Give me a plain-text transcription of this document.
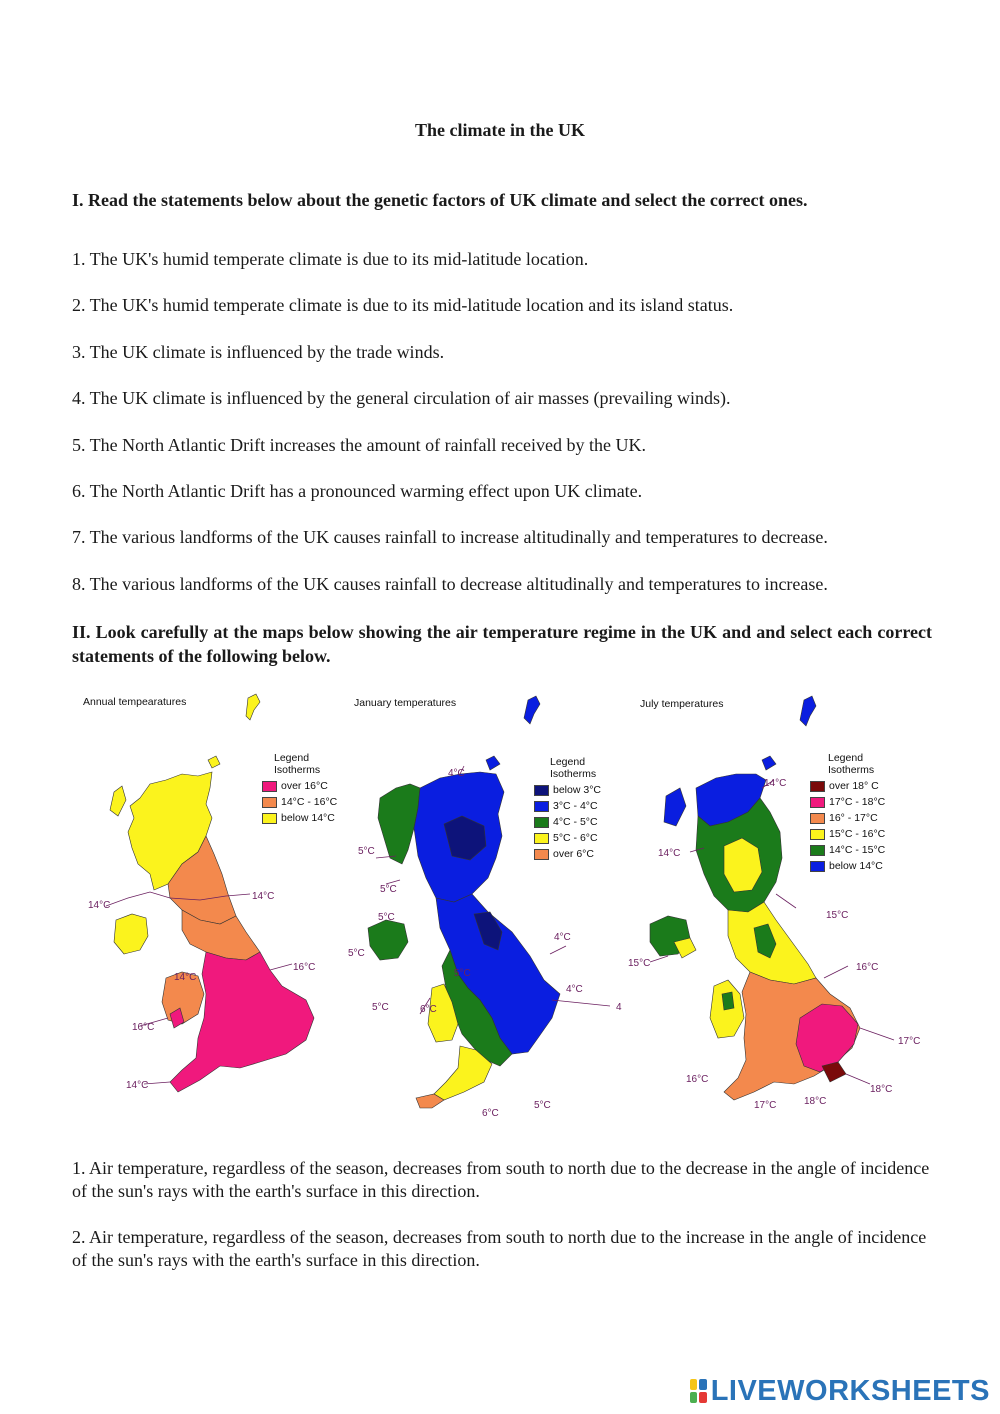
The climate in the UK
I. Read the statements below about the genetic factors of UK climate and select the correct ones.
1. The UK's humid temperate climate is due to its mid-latitude location.
2. The UK's humid temperate climate is due to its mid-latitude location and its island status.
3. The UK climate is influenced by the trade winds.
4. The UK climate is influenced by the general circulation of air masses (prevailing winds).
5. The North Atlantic Drift increases the amount of rainfall received by the UK.
6. The North Atlantic Drift has a pronounced warming effect upon UK climate.
7. The various landforms of the UK causes rainfall to increase altitudinally and temperatures to decrease.
8. The various landforms of the UK causes rainfall to decrease altitudinally and temperatures to increase.
II. Look carefully at the maps below showing the air temperature regime in the UK and and select each correct statements of the following below.
Annual tempearatures
14°C
14°C
16°C
14°C
16°C
14°C
Legend
Isotherms
over 16°C
14°C - 16°C
below 14°C
January temperatures
4°C
5°C
5°C
5°C
5°C
4°C
5°C
6°C
5°C
4°C
4
6°C
5°C
Legend
Isotherms
below 3°C
3°C - 4°C
4°C - 5°C
5°C - 6°C
over 6°C
July temperatures
14°C
14°C
15°C
15°C	16°C
17°C
16°C
17°C	18°C
18°C
Legend
Isotherms
over 18° C
17°C - 18°C
16° - 17°C
15°C - 16°C
14°C - 15°C
below 14°C
1. Air temperature, regardless of the season, decreases from south to north due to the decrease in the angle of incidence of the sun's rays with the earth's surface in this direction.
2. Air temperature, regardless of the season, decreases from south to north due to the increase in the angle of incidence of the sun's rays with the earth's surface in this direction.
LIVEWORKSHEETS
